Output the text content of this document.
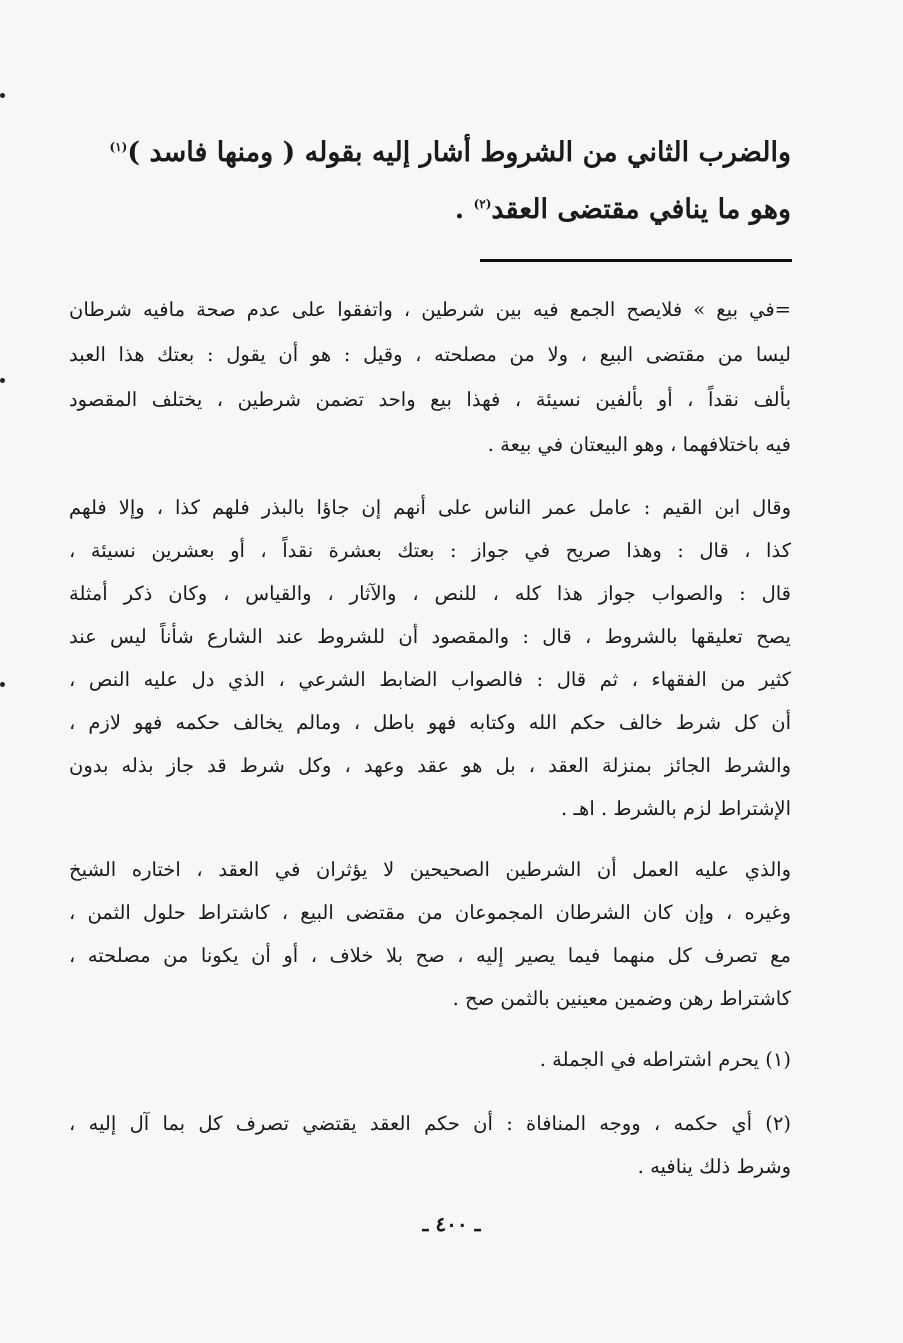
والضرب الثاني من الشروط أشار إليه بقوله ( ومنها فاسد )$^{(١)}$
وهو ما ينافي مقتضى العقد$^{(٢)}$ .
=في بيع » فلايصح الجمع فيه بين شرطين ، واتفقوا على عدم صحة مافيه شرطان
ليسا من مقتضى البيع ، ولا من مصلحته ، وقيل : هو أن يقول : بعتك هذا العبد
بألف نقداً ، أو بألفين نسيئة ، فهذا بيع واحد تضمن شرطين ، يختلف المقصود
فيه باختلافهما ، وهو البيعتان في بيعة .
وقال ابن القيم : عامل عمر الناس على أنهم إن جاؤا بالبذر فلهم كذا ، وإلا فلهم
كذا ، قال : وهذا صريح في جواز : بعتك بعشرة نقداً ، أو بعشرين نسيئة ،
قال : والصواب جواز هذا كله ، للنص ، والآثار ، والقياس ، وكان ذكر أمثلة
يصح تعليقها بالشروط ، قال : والمقصود أن للشروط عند الشارع شأناً ليس عند
كثير من الفقهاء ، ثم قال : فالصواب الضابط الشرعي ، الذي دل عليه النص ،
أن كل شرط خالف حكم الله وكتابه فهو باطل ، ومالم يخالف حكمه فهو لازم ،
والشرط الجائز بمنزلة العقد ، بل هو عقد وعهد ، وكل شرط قد جاز بذله بدون
الإشتراط لزم بالشرط . اهـ .
والذي عليه العمل أن الشرطين الصحيحين لا يؤثران في العقد ، اختاره الشيخ
وغيره ، وإن كان الشرطان المجموعان من مقتضى البيع ، كاشتراط حلول الثمن ،
مع تصرف كل منهما فيما يصير إليه ، صح بلا خلاف ، أو أن يكونا من مصلحته ،
كاشتراط رهن وضمين معينين بالثمن صح .
(١) يحرم اشتراطه في الجملة .
(٢) أي حكمه ، ووجه المنافاة : أن حكم العقد يقتضي تصرف كل بما آل إليه ،
وشرط ذلك ينافيه .
ـ ٤٠٠ ـ
